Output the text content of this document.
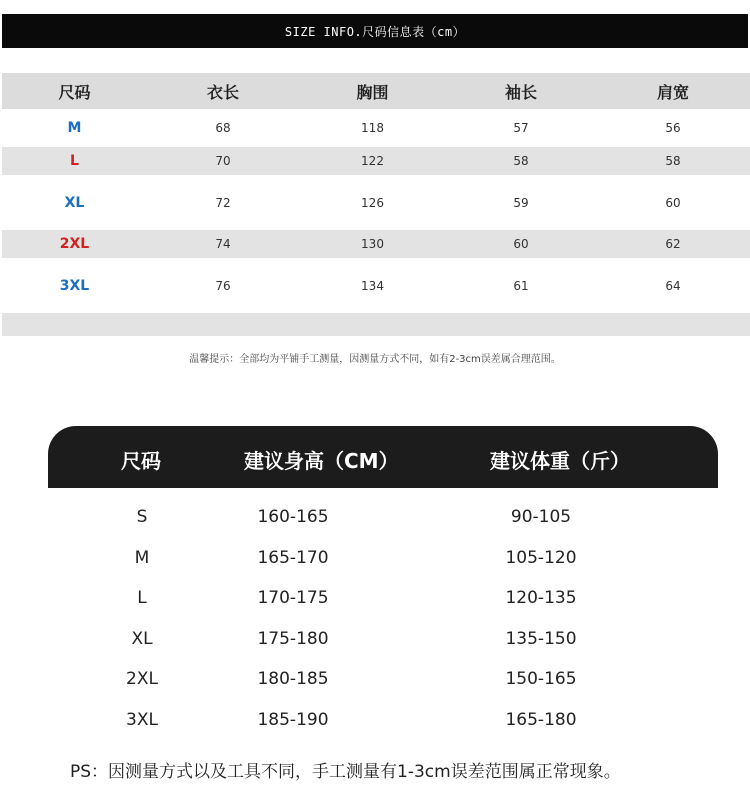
SIZE INFO.尺码信息表（cm）
尺码	衣长	胸围	袖长	肩宽
M	68	118	57	56
L	70	122	58	58
XL	72	126	59	60
2XL	74	130	60	62
3XL	76	134	61	64
温馨提示：全部均为平铺手工测量，因测量方式不同，如有2-3cm误差属合理范围。
尺码	建议身高（CM）	建议体重（斤）
S	160-165	90-105
M	165-170	105-120
L	170-175	120-135
XL	175-180	135-150
2XL	180-185	150-165
3XL	185-190	165-180
PS：因测量方式以及工具不同，手工测量有1-3cm误差范围属正常现象。
